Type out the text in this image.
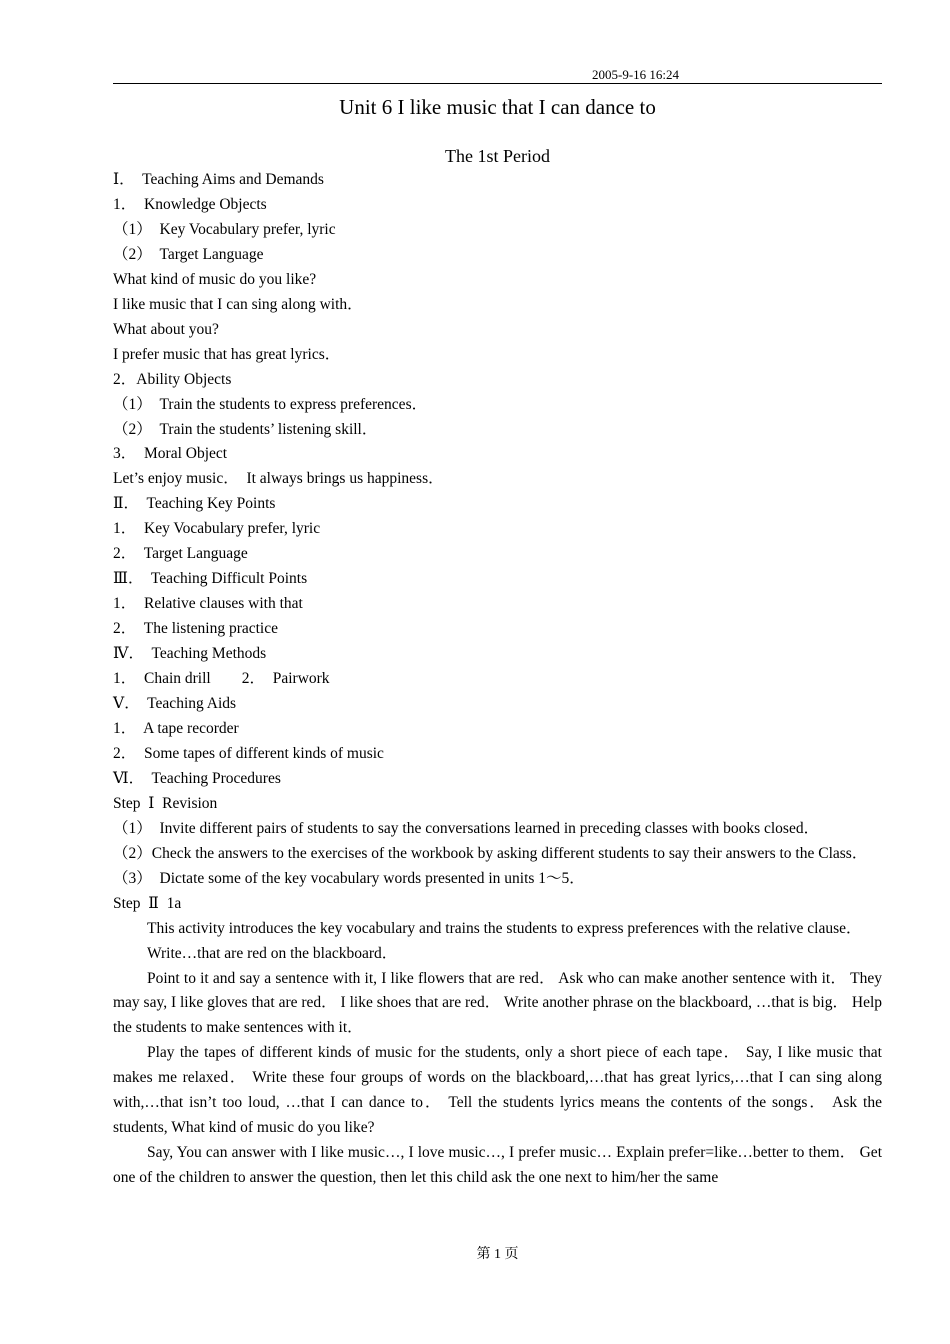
2005-9-16 16:24
Unit 6 I like music that I can dance to
The 1st Period
Ⅰ．  Teaching Aims and Demands
1．  Knowledge Objects
（1）  Key Vocabulary prefer, lyric
（2）  Target Language
What kind of music do you like?
I like music that I can sing along with．
What about you?
I prefer music that has great lyrics．
2．Ability Objects
（1）  Train the students to express preferences．
（2）  Train the students’ listening skill．
3．  Moral Object
Let’s enjoy music．  It always brings us happiness．
Ⅱ．  Teaching Key Points
1．  Key Vocabulary prefer, lyric
2．  Target Language
Ⅲ．  Teaching Difficult Points
1．  Relative clauses with that
2．  The listening practice
Ⅳ．  Teaching Methods
1．  Chain drill        2．  Pairwork
Ⅴ．  Teaching Aids
1．  A tape recorder
2．  Some tapes of different kinds of music
Ⅵ．  Teaching Procedures
Step  Ⅰ  Revision
（1）  Invite different pairs of students to say the conversations learned in preceding classes with books closed．

（2）Check the answers to the exercises of the workbook by asking different students to say their answers to the Class．

（3）  Dictate some of the key vocabulary words presented in units 1～5．
Step  Ⅱ  1a

This activity introduces the key vocabulary and trains the students to express preferences with the relative clause．

Write…that are red on the blackboard．

Point to it and say a sentence with it, I like flowers that are red． Ask who can make another sentence with it． They may say, I like gloves that are red． I like shoes that are red． Write another phrase on the blackboard, …that is big． Help the students to make sentences with it．

Play the tapes of different kinds of music for the students, only a short piece of each tape． Say, I like music that makes me relaxed． Write these four groups of words on the blackboard,…that has great lyrics,…that I can sing along with,…that isn’t too loud, …that I can dance to． Tell the students lyrics means the contents of the songs． Ask the students, What kind of music do you like?

Say, You can answer with I like music…, I love music…, I prefer music… Explain prefer=like…better to them． Get one of the children to answer the question, then let this child ask the one next to him/her the same

第 1 页
